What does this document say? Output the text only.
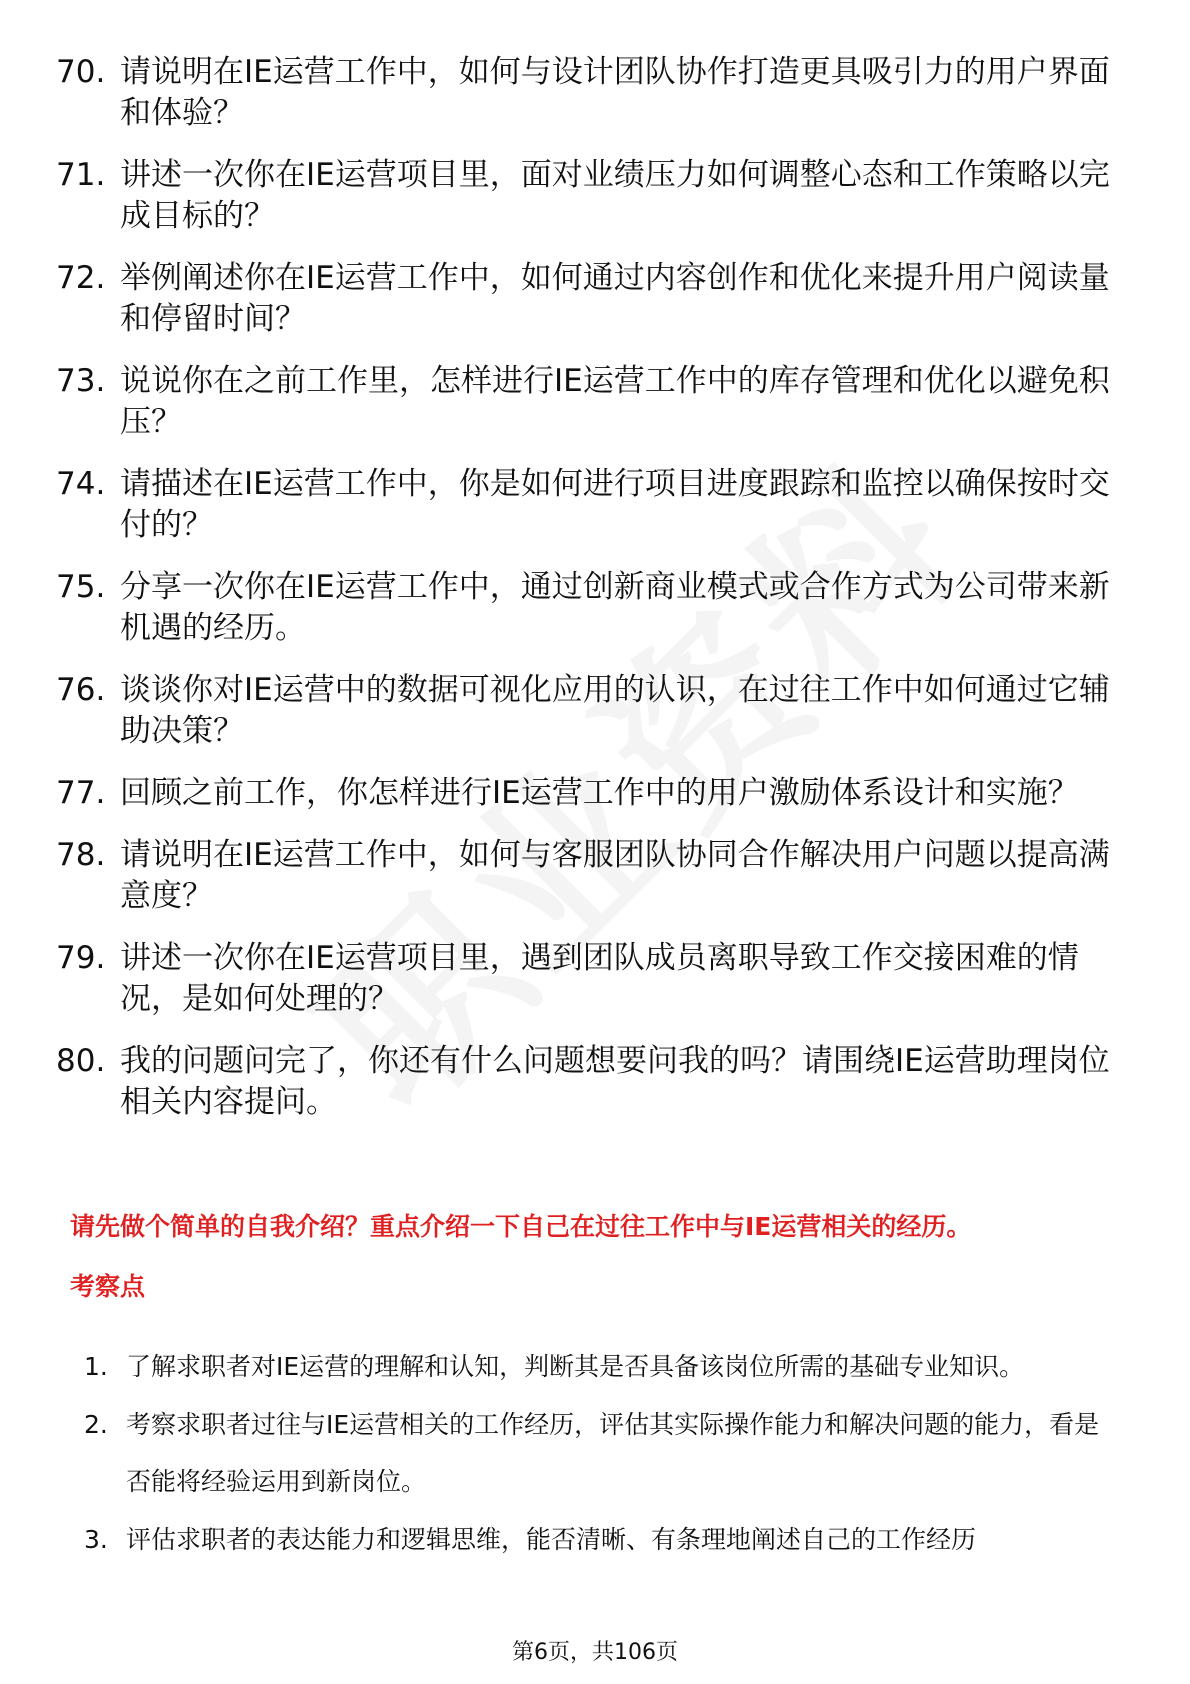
70. 请说明在IE运营工作中，如何与设计团队协作打造更具吸引力的用户界面和体验？
71. 讲述一次你在IE运营项目里，面对业绩压力如何调整心态和工作策略以完成目标的？
72. 举例阐述你在IE运营工作中，如何通过内容创作和优化来提升用户阅读量和停留时间？
73. 说说你在之前工作里，怎样进行IE运营工作中的库存管理和优化以避免积压？
74. 请描述在IE运营工作中，你是如何进行项目进度跟踪和监控以确保按时交付的？
75. 分享一次你在IE运营工作中，通过创新商业模式或合作方式为公司带来新机遇的经历。
76. 谈谈你对IE运营中的数据可视化应用的认识，在过往工作中如何通过它辅助决策？
77. 回顾之前工作，你怎样进行IE运营工作中的用户激励体系设计和实施？
78. 请说明在IE运营工作中，如何与客服团队协同合作解决用户问题以提高满意度？
79. 讲述一次你在IE运营项目里，遇到团队成员离职导致工作交接困难的情况，是如何处理的？
80. 我的问题问完了，你还有什么问题想要问我的吗？请围绕IE运营助理岗位相关内容提问。
请先做个简单的自我介绍？重点介绍一下自己在过往工作中与IE运营相关的经历。
考察点
1. 了解求职者对IE运营的理解和认知，判断其是否具备该岗位所需的基础专业知识。
2. 考察求职者过往与IE运营相关的工作经历，评估其实际操作能力和解决问题的能力，看是否能将经验运用到新岗位。
3. 评估求职者的表达能力和逻辑思维，能否清晰、有条理地阐述自己的工作经历
第6页，共106页
